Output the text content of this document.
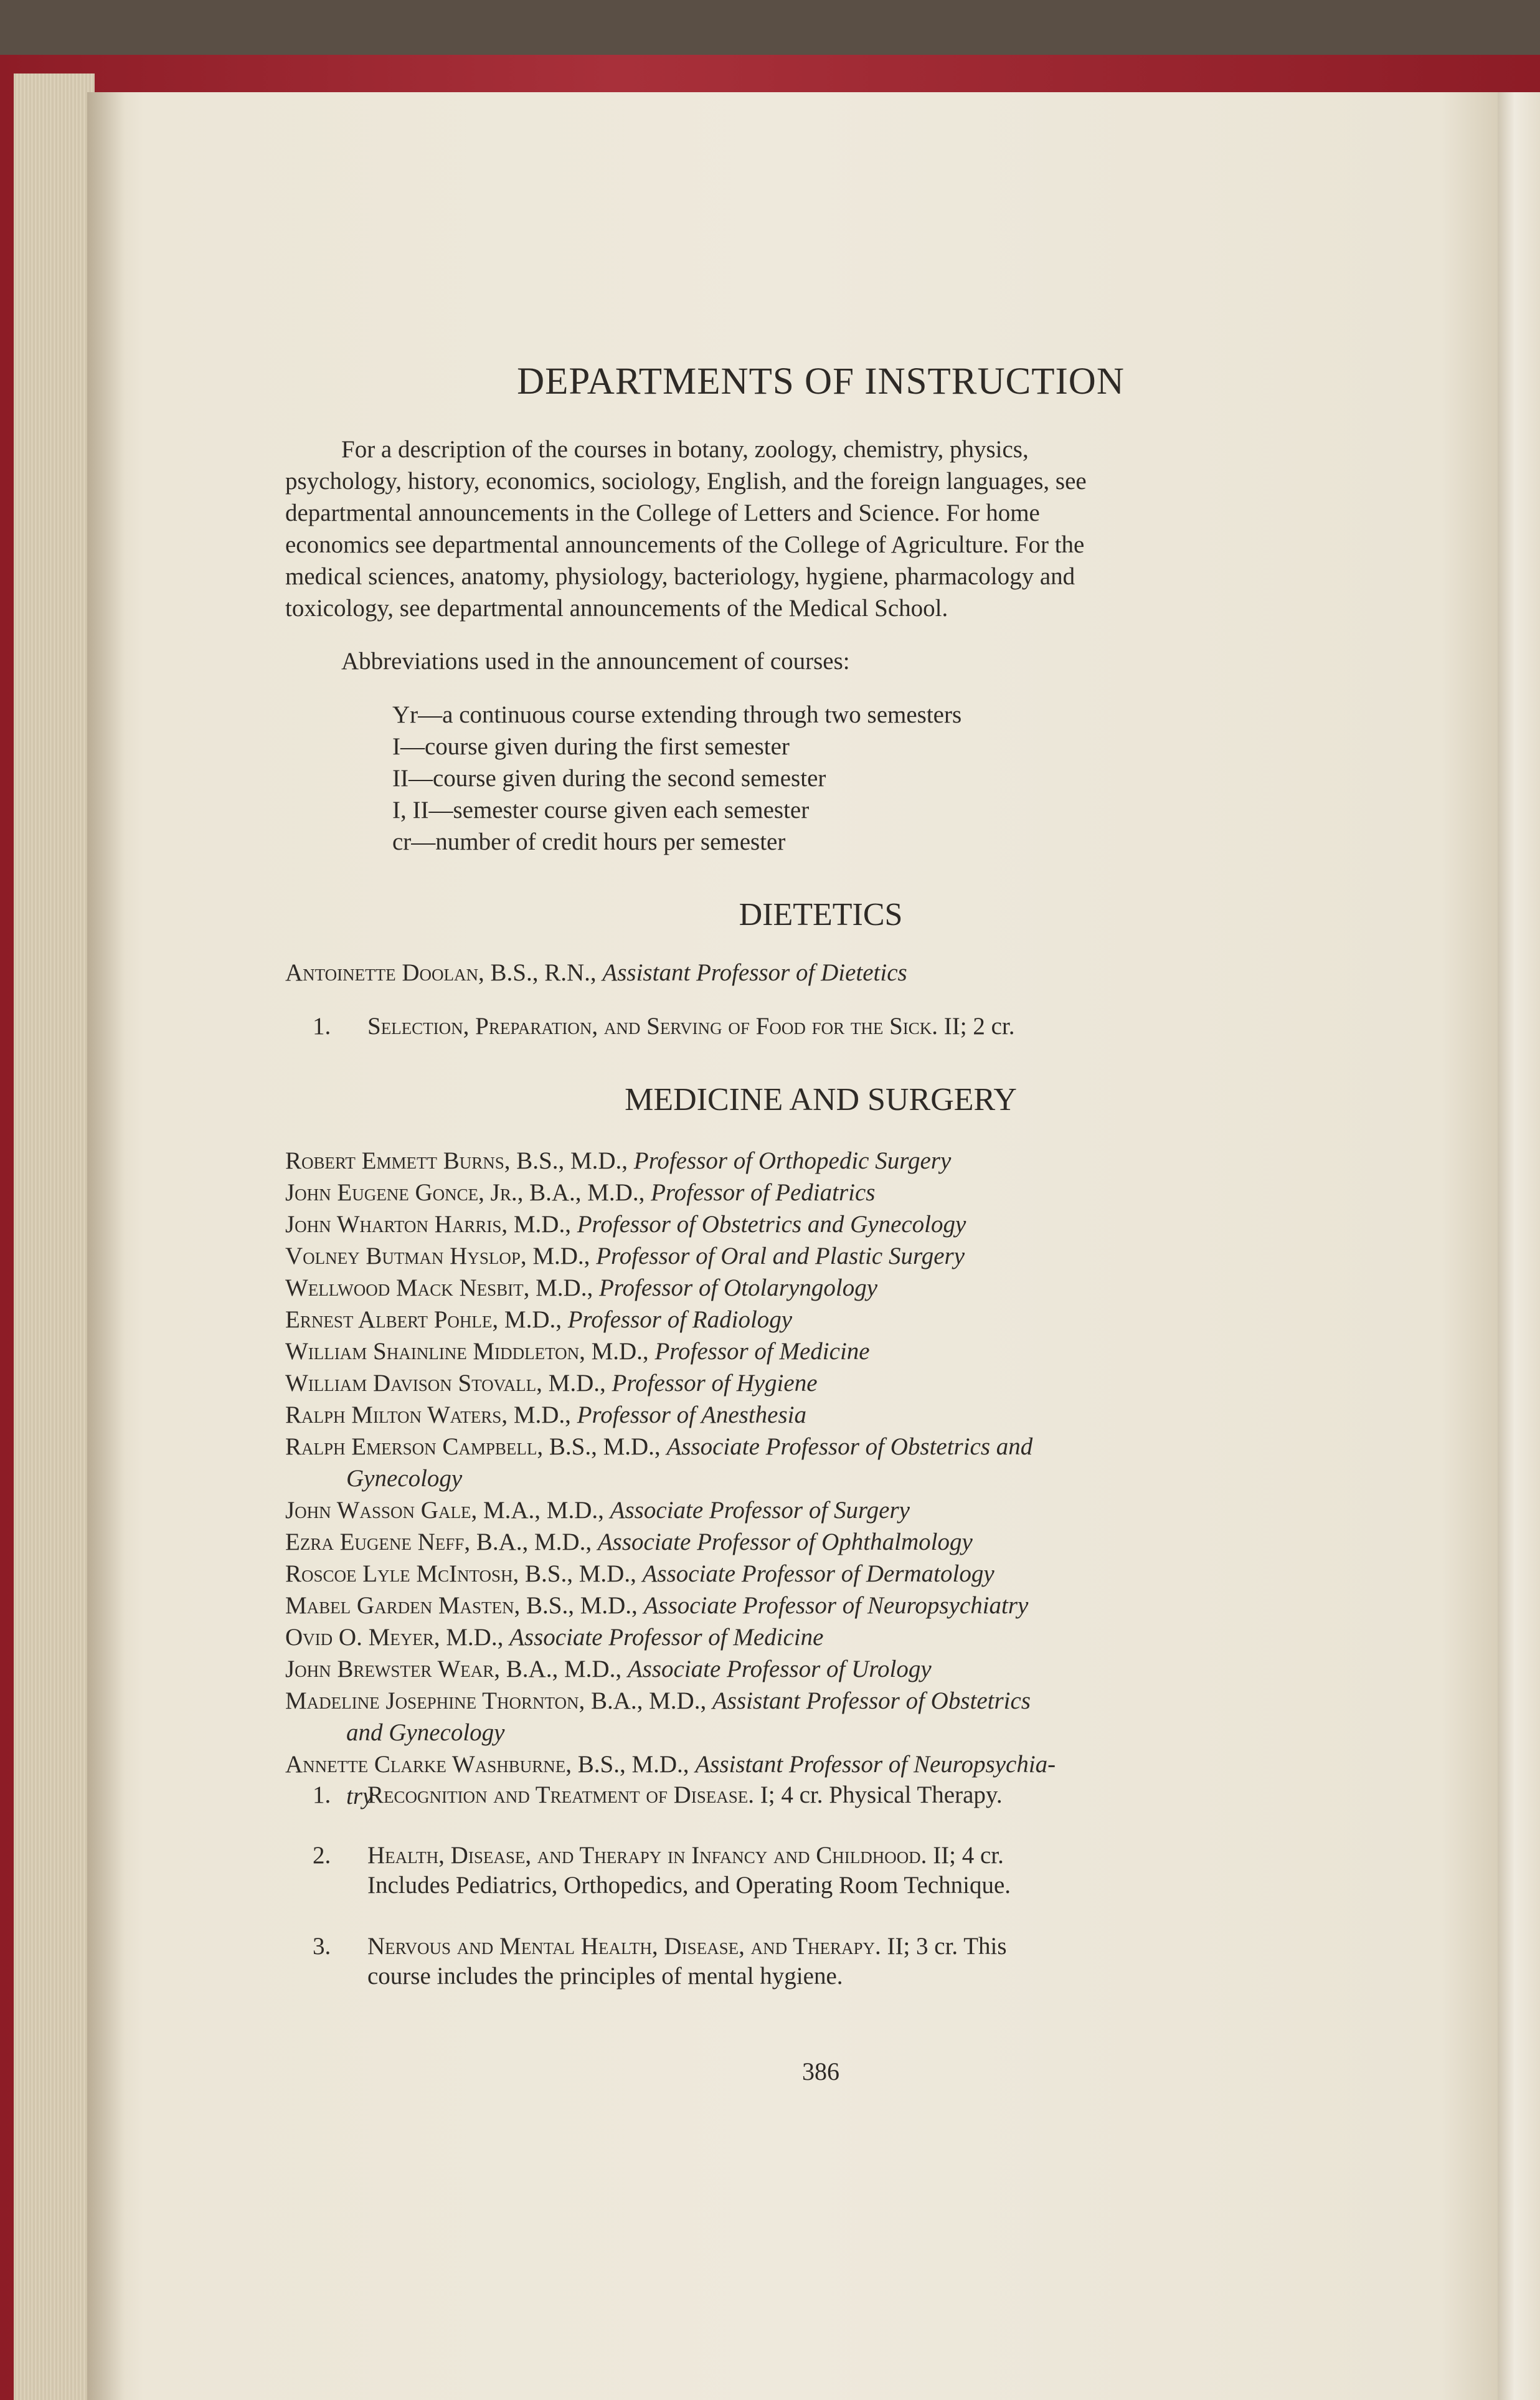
DEPARTMENTS OF INSTRUCTION
For a description of the courses in botany, zoology, chemistry, physics,
psychology, history, economics, sociology, English, and the foreign languages, see
departmental announcements in the College of Letters and Science. For home
economics see departmental announcements of the College of Agriculture. For the
medical sciences, anatomy, physiology, bacteriology, hygiene, pharmacology and
toxicology, see departmental announcements of the Medical School.
Abbreviations used in the announcement of courses:
Yr—a continuous course extending through two semesters
I—course given during the first semester
II—course given during the second semester
I, II—semester course given each semester
cr—number of credit hours per semester
DIETETICS
Antoinette Doolan, B.S., R.N., Assistant Professor of Dietetics
1. Selection, Preparation, and Serving of Food for the Sick. II; 2 cr.
MEDICINE AND SURGERY
Robert Emmett Burns, B.S., M.D., Professor of Orthopedic Surgery
John Eugene Gonce, Jr., B.A., M.D., Professor of Pediatrics
John Wharton Harris, M.D., Professor of Obstetrics and Gynecology
Volney Butman Hyslop, M.D., Professor of Oral and Plastic Surgery
Wellwood Mack Nesbit, M.D., Professor of Otolaryngology
Ernest Albert Pohle, M.D., Professor of Radiology
William Shainline Middleton, M.D., Professor of Medicine
William Davison Stovall, M.D., Professor of Hygiene
Ralph Milton Waters, M.D., Professor of Anesthesia
Ralph Emerson Campbell, B.S., M.D., Associate Professor of Obstetrics and
Gynecology
John Wasson Gale, M.A., M.D., Associate Professor of Surgery
Ezra Eugene Neff, B.A., M.D., Associate Professor of Ophthalmology
Roscoe Lyle McIntosh, B.S., M.D., Associate Professor of Dermatology
Mabel Garden Masten, B.S., M.D., Associate Professor of Neuropsychiatry
Ovid O. Meyer, M.D., Associate Professor of Medicine
John Brewster Wear, B.A., M.D., Associate Professor of Urology
Madeline Josephine Thornton, B.A., M.D., Assistant Professor of Obstetrics
and Gynecology
Annette Clarke Washburne, B.S., M.D., Assistant Professor of Neuropsychia-
try
1. Recognition and Treatment of Disease. I; 4 cr. Physical Therapy.
2. Health, Disease, and Therapy in Infancy and Childhood. II; 4 cr.
Includes Pediatrics, Orthopedics, and Operating Room Technique.
3. Nervous and Mental Health, Disease, and Therapy. II; 3 cr. This
course includes the principles of mental hygiene.
386
